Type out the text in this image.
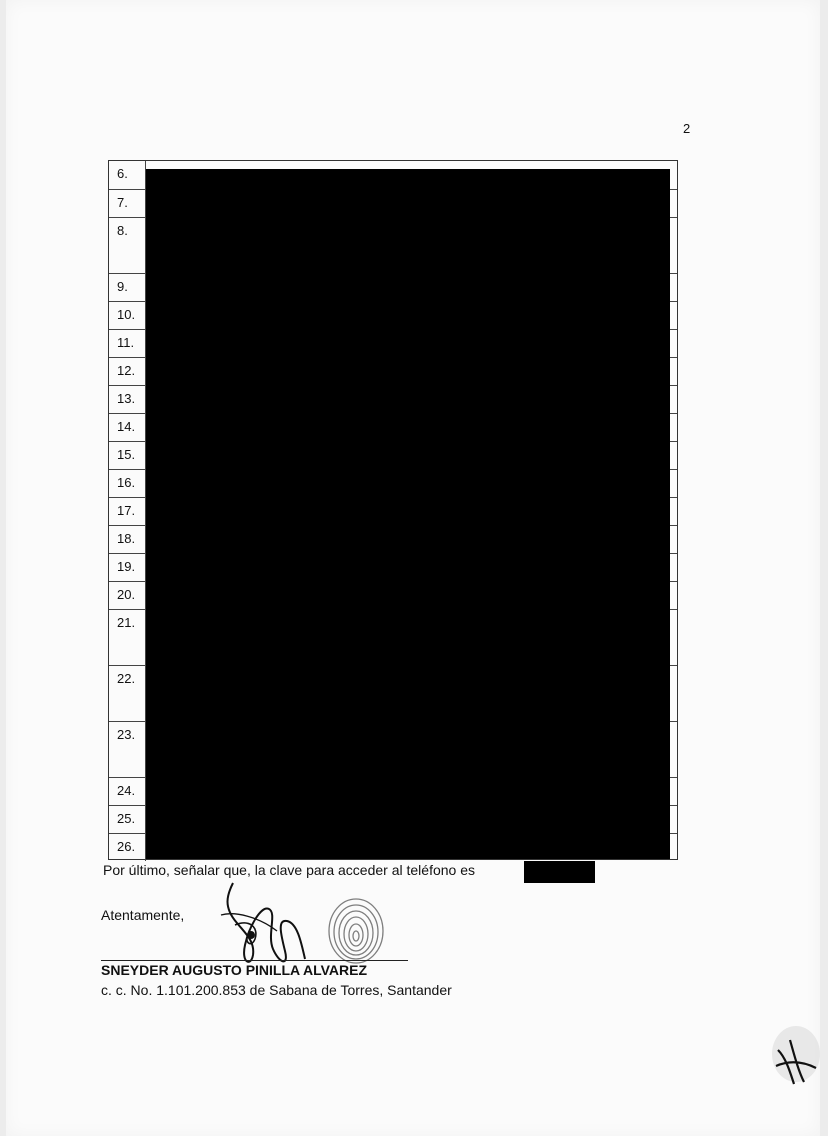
2
6.
7.
8.
9.
10.
11.
12.
13.
14.
15.
16.
17.
18.
19.
20.
21.
22.
23.
24.
25.
26.
Por último, señalar que, la clave para acceder al teléfono es
Atentamente,
SNEYDER AUGUSTO PINILLA ALVAREZ
c. c. No. 1.101.200.853 de Sabana de Torres, Santander
